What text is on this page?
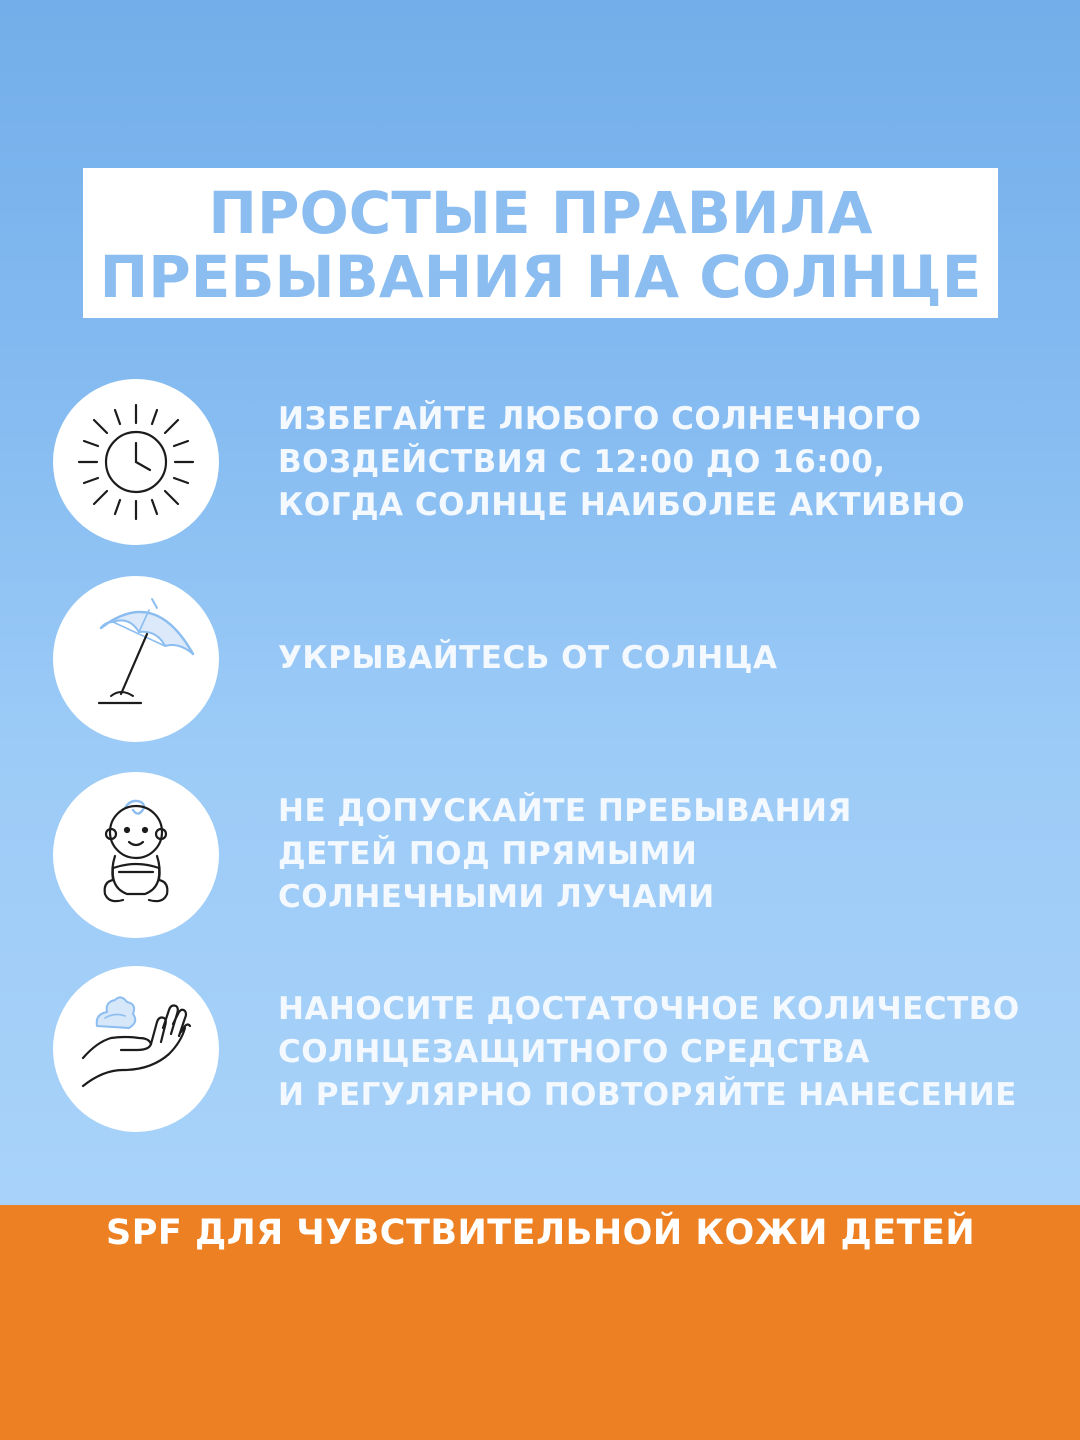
ПРОСТЫЕ ПРАВИЛА
ПРЕБЫВАНИЯ НА СОЛНЦЕ
ИЗБЕГАЙТЕ ЛЮБОГО СОЛНЕЧНОГО
ВОЗДЕЙСТВИЯ С 12:00 ДО 16:00,
КОГДА СОЛНЦЕ НАИБОЛЕЕ АКТИВНО
УКРЫВАЙТЕСЬ ОТ СОЛНЦА
НЕ ДОПУСКАЙТЕ ПРЕБЫВАНИЯ
ДЕТЕЙ ПОД ПРЯМЫМИ
СОЛНЕЧНЫМИ ЛУЧАМИ
НАНОСИТЕ ДОСТАТОЧНОЕ КОЛИЧЕСТВО
СОЛНЦЕЗАЩИТНОГО СРЕДСТВА
И РЕГУЛЯРНО ПОВТОРЯЙТЕ НАНЕСЕНИЕ
SPF ДЛЯ ЧУВСТВИТЕЛЬНОЙ КОЖИ ДЕТЕЙ
